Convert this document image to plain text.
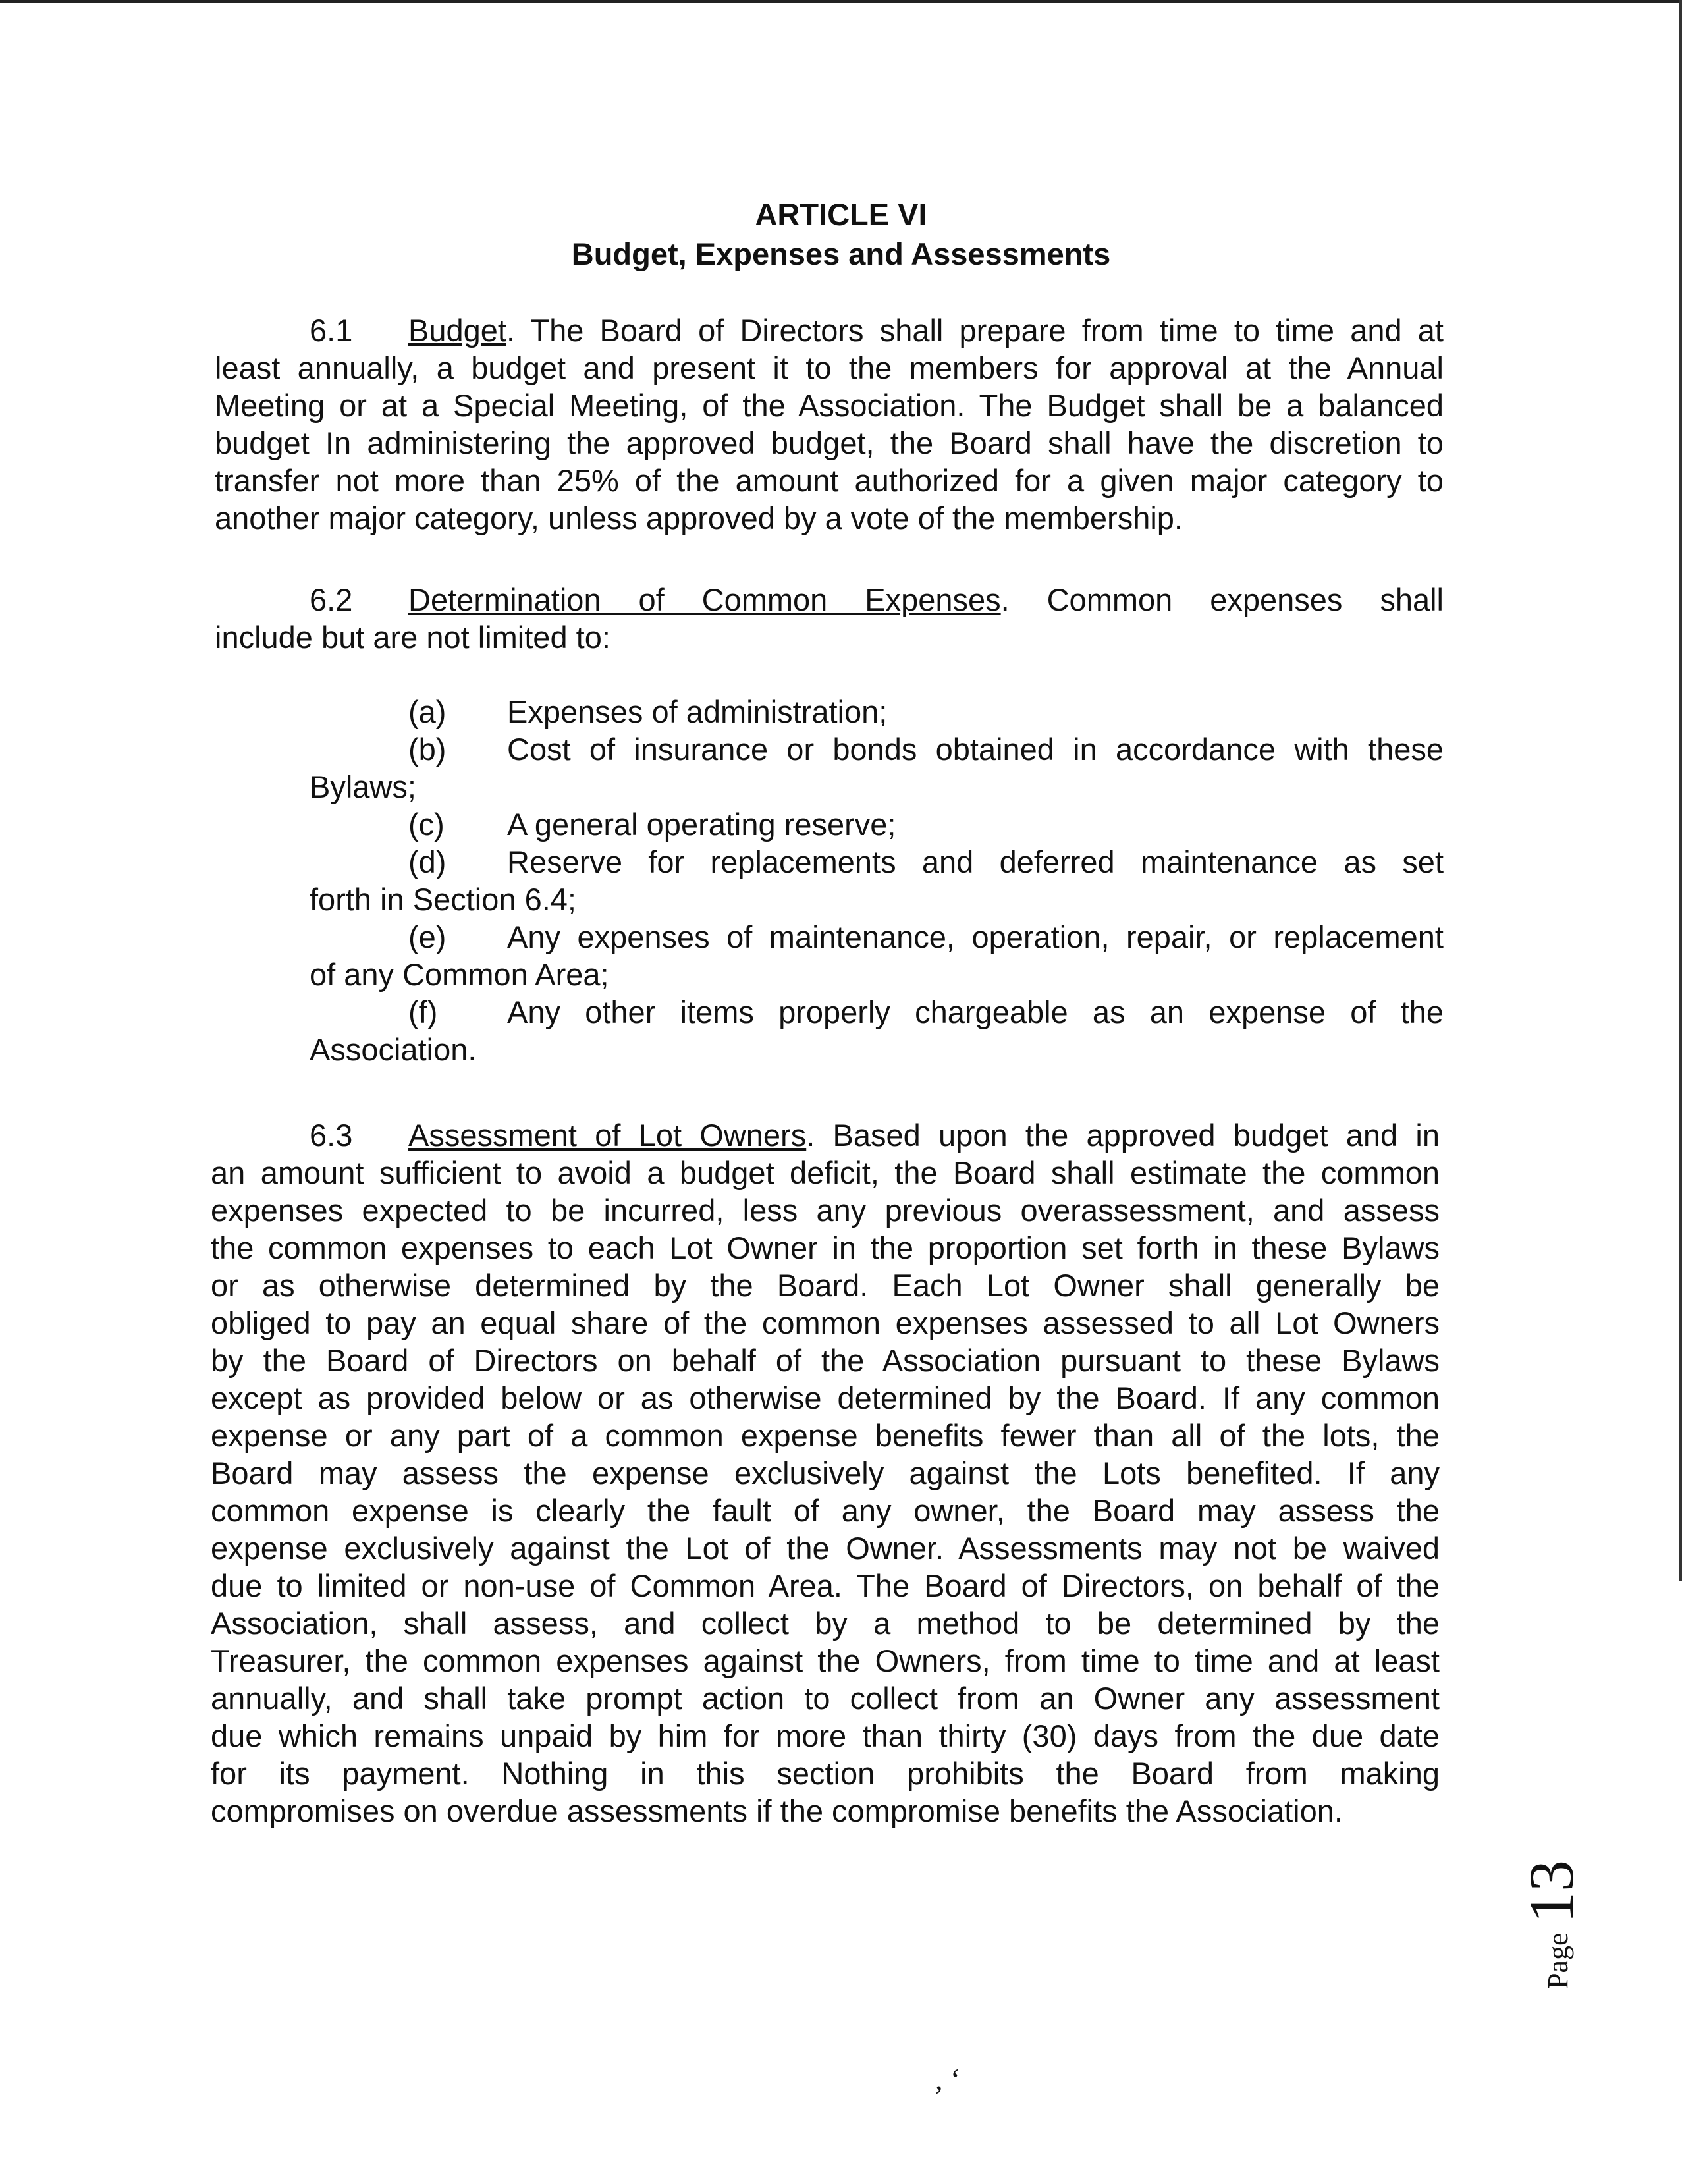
ARTICLE VI
Budget, Expenses and Assessments
6.1 Budget. The Board of Directors shall prepare from time to time and at
least annually, a budget and present it to the members for approval at the Annual
Meeting or at a Special Meeting, of the Association. The Budget shall be a balanced
budget In administering the approved budget, the Board shall have the discretion to
transfer not more than 25% of the amount authorized for a given major category to
another major category, unless approved by a vote of the membership.
6.2 Determination of Common Expenses. Common expenses shall
include but are not limited to:
(a) Expenses of administration;
(b) Cost of insurance or bonds obtained in accordance with these
Bylaws;
(c) A general operating reserve;
(d) Reserve for replacements and deferred maintenance as set
forth in Section 6.4;
(e) Any expenses of maintenance, operation, repair, or replacement
of any Common Area;
(f) Any other items properly chargeable as an expense of the
Association.
6.3 Assessment of Lot Owners. Based upon the approved budget and in
an amount sufficient to avoid a budget deficit, the Board shall estimate the common
expenses expected to be incurred, less any previous overassessment, and assess
the common expenses to each Lot Owner in the proportion set forth in these Bylaws
or as otherwise determined by the Board. Each Lot Owner shall generally be
obliged to pay an equal share of the common expenses assessed to all Lot Owners
by the Board of Directors on behalf of the Association pursuant to these Bylaws
except as provided below or as otherwise determined by the Board. If any common
expense or any part of a common expense benefits fewer than all of the lots, the
Board may assess the expense exclusively against the Lots benefited. If any
common expense is clearly the fault of any owner, the Board may assess the
expense exclusively against the Lot of the Owner. Assessments may not be waived
due to limited or non-use of Common Area. The Board of Directors, on behalf of the
Association, shall assess, and collect by a method to be determined by the
Treasurer, the common expenses against the Owners, from time to time and at least
annually, and shall take prompt action to collect from an Owner any assessment
due which remains unpaid by him for more than thirty (30) days from the due date
for its payment. Nothing in this section prohibits the Board from making
compromises on overdue assessments if the compromise benefits the Association.
Page
13
, ‘
